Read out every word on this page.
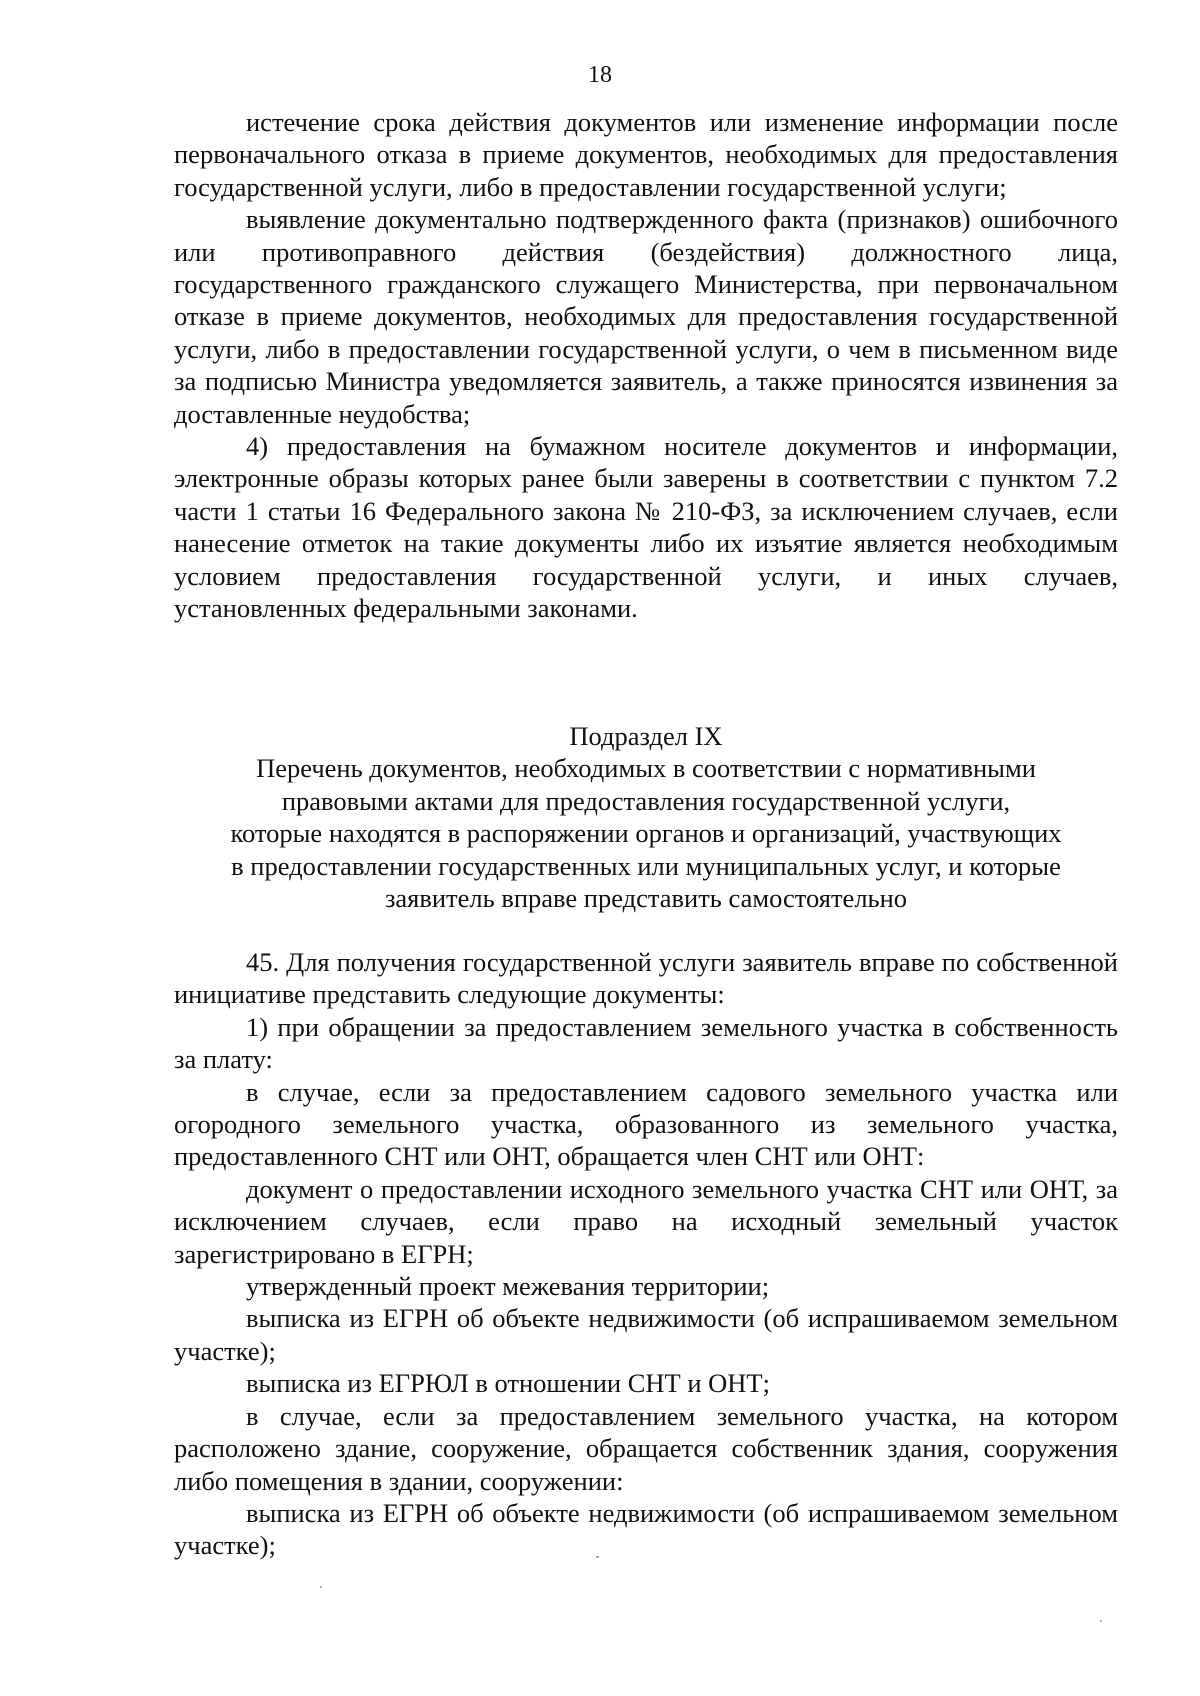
18

истечение срока действия документов или изменение информации после первоначального отказа в приеме документов, необходимых для предоставления государственной услуги, либо в предоставлении государственной услуги;

выявление документально подтвержденного факта (признаков) ошибочного или противоправного действия (бездействия) должностного лица, государственного гражданского служащего Министерства, при первоначальном отказе в приеме документов, необходимых для предоставления государственной услуги, либо в предоставлении государственной услуги, о чем в письменном виде за подписью Министра уведомляется заявитель, а также приносятся извинения за доставленные неудобства;

4) предоставления на бумажном носителе документов и информации, электронные образы которых ранее были заверены в соответствии с пунктом 7.2 части 1 статьи 16 Федерального закона № 210-ФЗ, за исключением случаев, если нанесение отметок на такие документы либо их изъятие является необходимым условием предоставления государственной услуги, и иных случаев, установленных федеральными законами.

Подраздел IX
Перечень документов, необходимых в соответствии с нормативными
правовыми актами для предоставления государственной услуги,
которые находятся в распоряжении органов и организаций, участвующих
в предоставлении государственных или муниципальных услуг, и которые
заявитель вправе представить самостоятельно

45. Для получения государственной услуги заявитель вправе по собственной инициативе представить следующие документы:

1) при обращении за предоставлением земельного участка в собственность за плату:

в случае, если за предоставлением садового земельного участка или огородного земельного участка, образованного из земельного участка, предоставленного СНТ или ОНТ, обращается член СНТ или ОНТ:

документ о предоставлении исходного земельного участка СНТ или ОНТ, за исключением случаев, если право на исходный земельный участок зарегистрировано в ЕГРН;

утвержденный проект межевания территории;

выписка из ЕГРН об объекте недвижимости (об испрашиваемом земельном участке);

выписка из ЕГРЮЛ в отношении СНТ и ОНТ;

в случае, если за предоставлением земельного участка, на котором расположено здание, сооружение, обращается собственник здания, сооружения либо помещения в здании, сооружении:

выписка из ЕГРН об объекте недвижимости (об испрашиваемом земельном участке);
